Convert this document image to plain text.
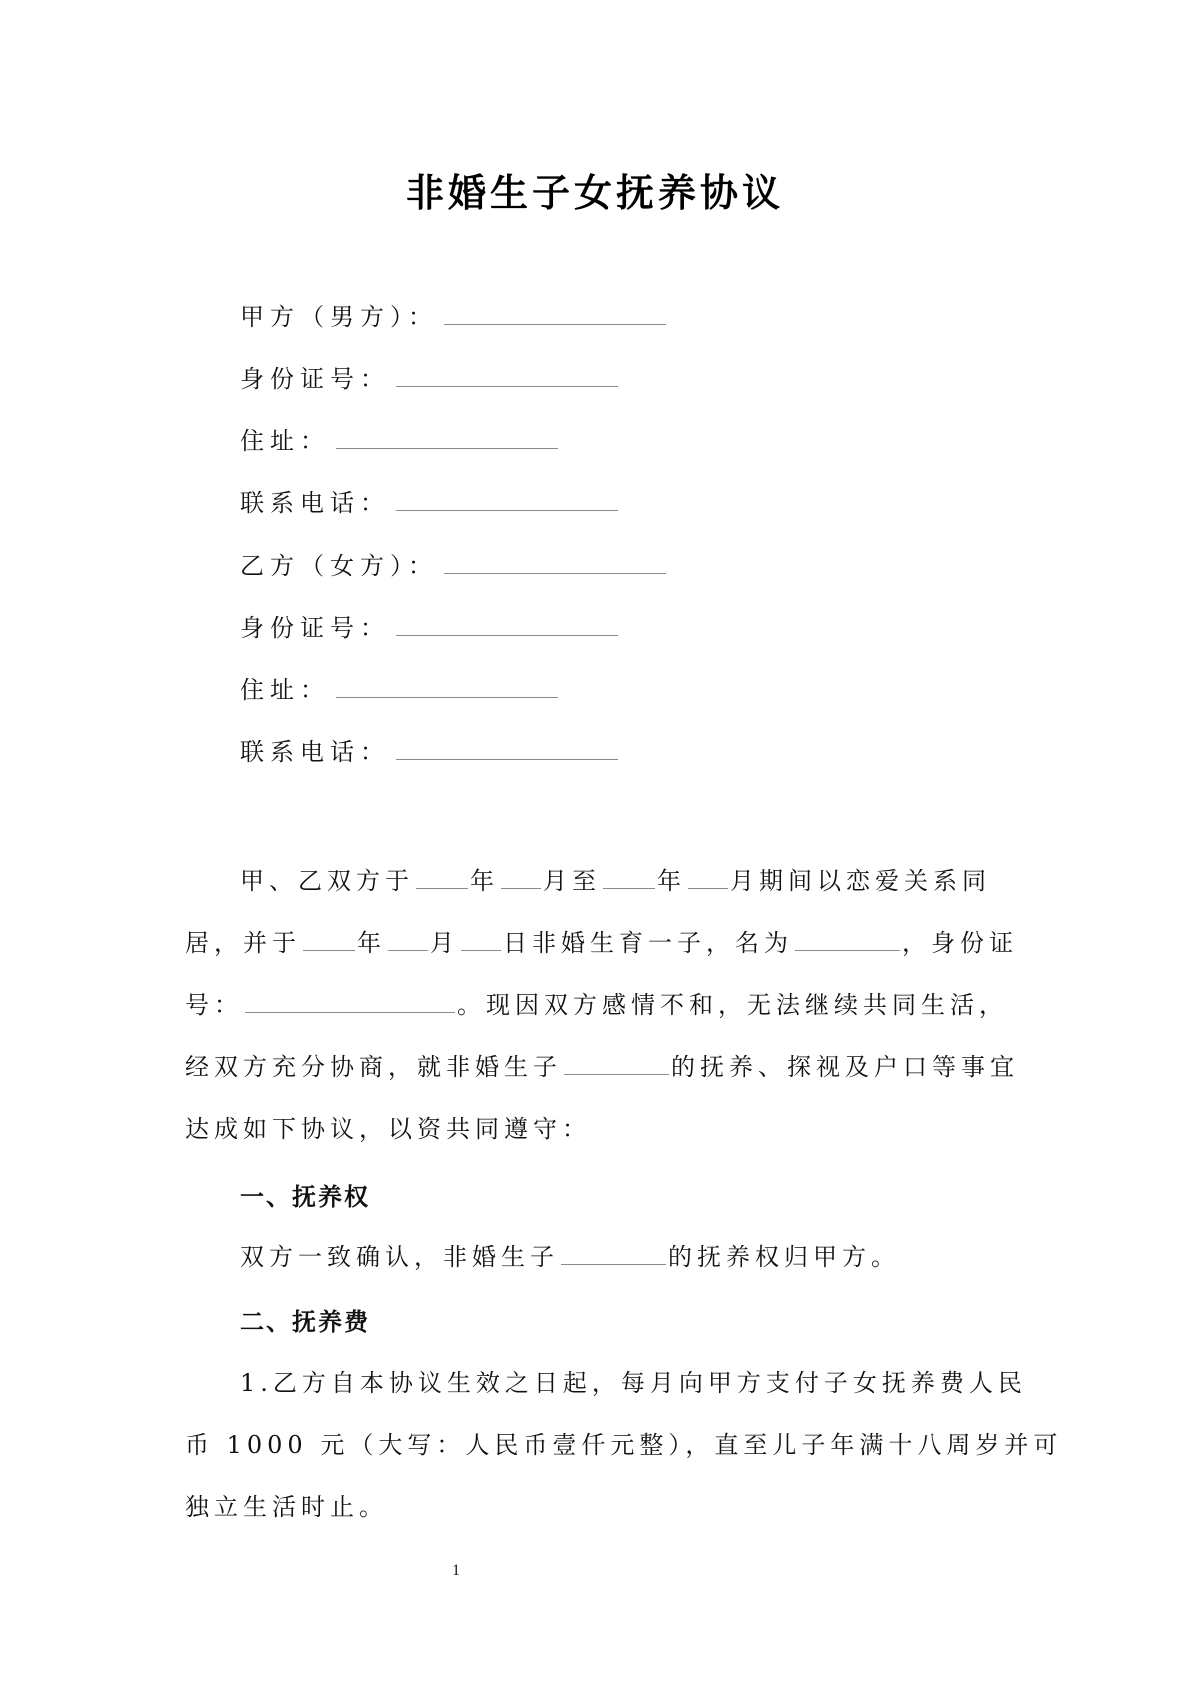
非婚生子女抚养协议
甲方（男方）：
身份证号：
住址：
联系电话：
乙方（女方）：
身份证号：
住址：
联系电话：
甲、乙双方于 年 月至 年 月期间以恋爱关系同
居，并于 年 月 日非婚生育一子，名为	，身份证
号：	。现因双方感情不和，无法继续共同生活，
经双方充分协商，就非婚生子	的抚养、探视及户口等事宜
达成如下协议，以资共同遵守：
一、抚养权
双方一致确认，非婚生子	的抚养权归甲方。
二、抚养费
1.乙方自本协议生效之日起，每月向甲方支付子女抚养费人民
币 1000 元（大写：人民币壹仟元整），直至儿子年满十八周岁并可
独立生活时止。
1
